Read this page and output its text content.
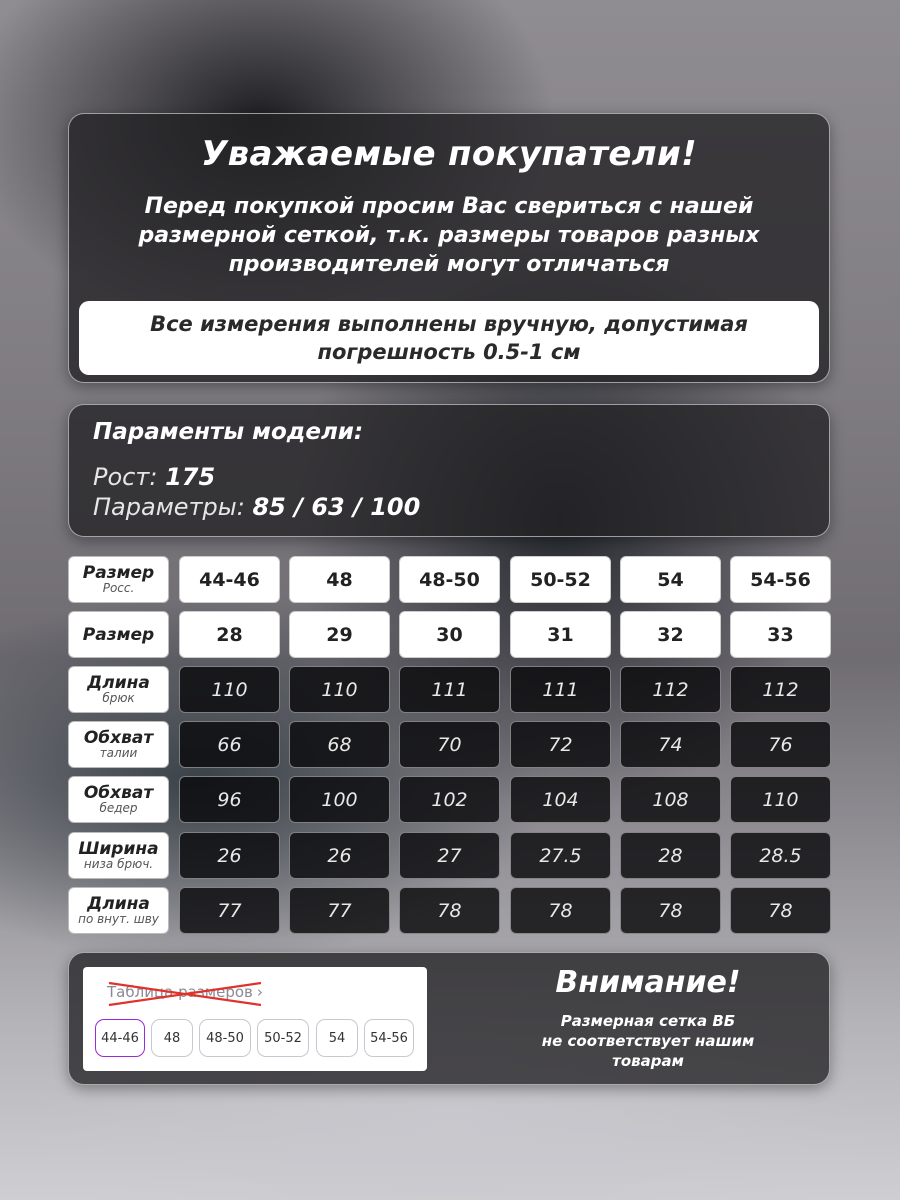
Уважаемые покупатели!
Перед покупкой просим Вас свериться с нашей
размерной сеткой, т.к. размеры товаров разных
производителей могут отличаться
Все измерения выполнены вручную, допустимая
погрешность 0.5-1 см
Параменты модели:
Рост: 175
Параметры: 85 / 63 / 100
Размер
Росс.	44-46	48	48-50	50-52	54	54-56
Размер	28	29	30	31	32	33
Длина
брюк	110	110	111	111	112	112
Обхват
талии	66	68	70	72	74	76
Обхват
бедер	96	100	102	104	108	110
Ширина
низа брюч.	26	26	27	27.5	28	28.5
Длина
по внут. шву	77	77	78	78	78	78
Таблица размеров ›
44-46	48	48-50	50-52	54	54-56
Внимание!
Размерная сетка ВБ
не соответствует нашим
товарам
